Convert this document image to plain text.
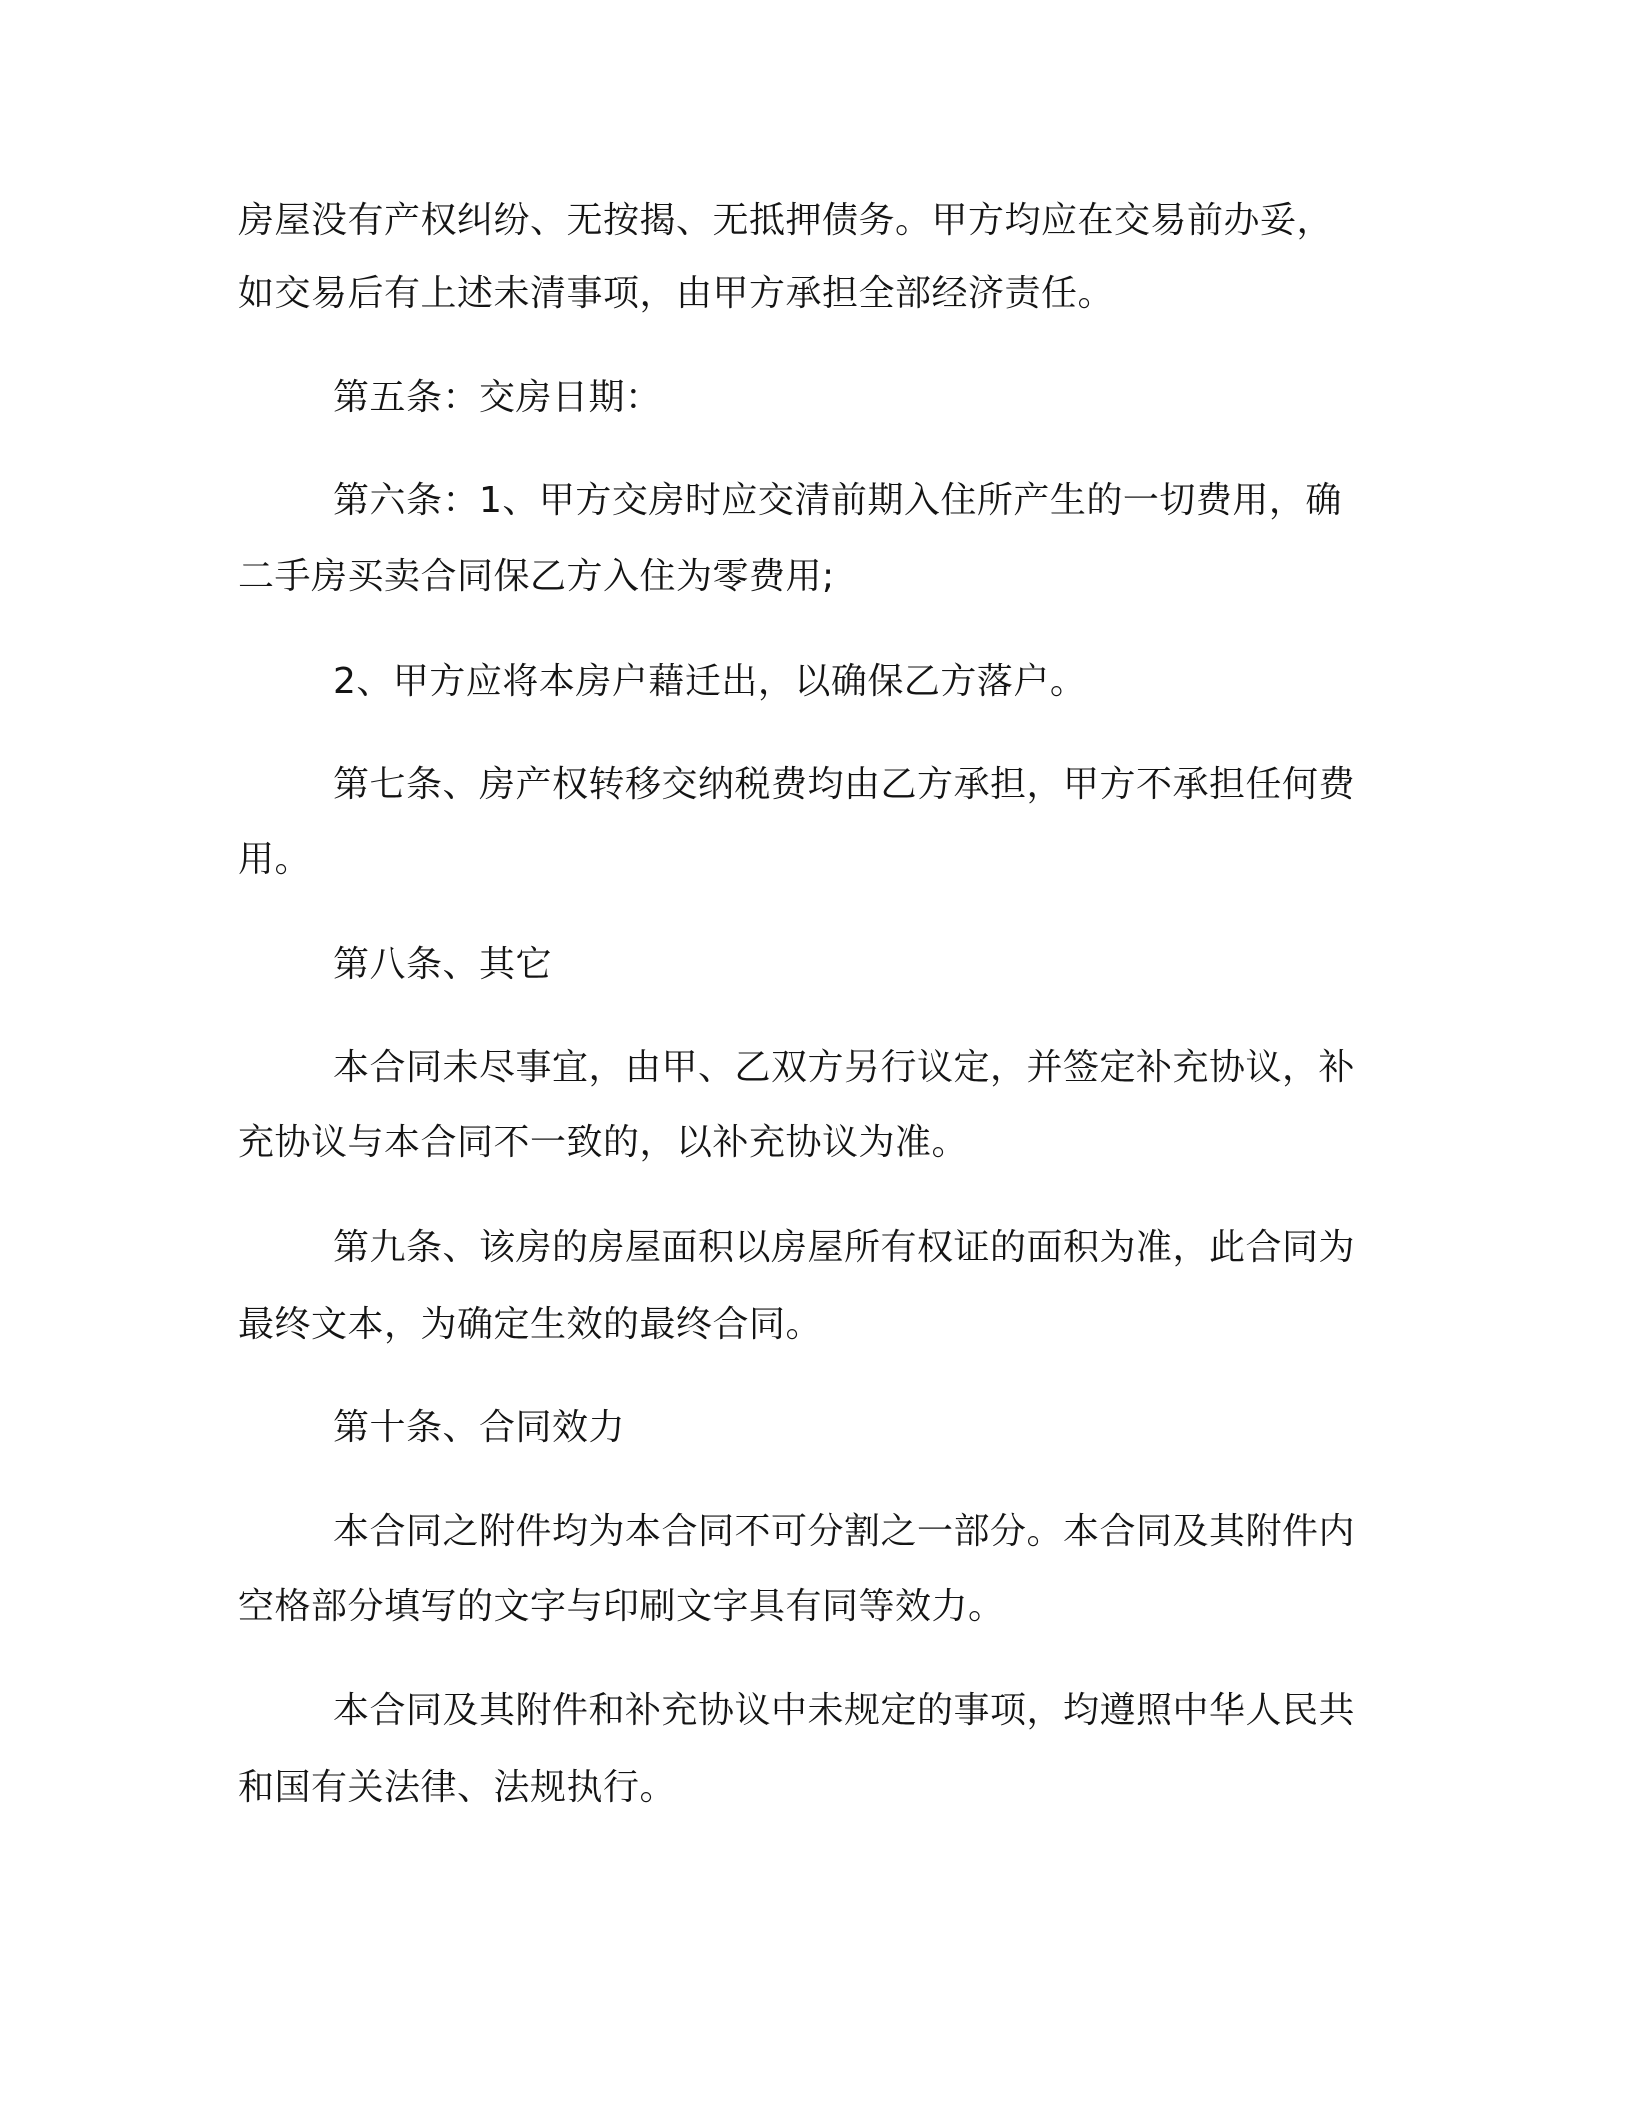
房屋没有产权纠纷、无按揭、无抵押债务。甲方均应在交易前办妥，
如交易后有上述未清事项，由甲方承担全部经济责任。
第五条：交房日期：
第六条：1、甲方交房时应交清前期入住所产生的一切费用，确
二手房买卖合同保乙方入住为零费用;
2、甲方应将本房户藉迁出，以确保乙方落户。
第七条、房产权转移交纳税费均由乙方承担，甲方不承担任何费
用。
第八条、其它
本合同未尽事宜，由甲、乙双方另行议定，并签定补充协议，补
充协议与本合同不一致的，以补充协议为准。
第九条、该房的房屋面积以房屋所有权证的面积为准，此合同为
最终文本，为确定生效的最终合同。
第十条、合同效力
本合同之附件均为本合同不可分割之一部分。本合同及其附件内
空格部分填写的文字与印刷文字具有同等效力。
本合同及其附件和补充协议中未规定的事项，均遵照中华人民共
和国有关法律、法规执行。
